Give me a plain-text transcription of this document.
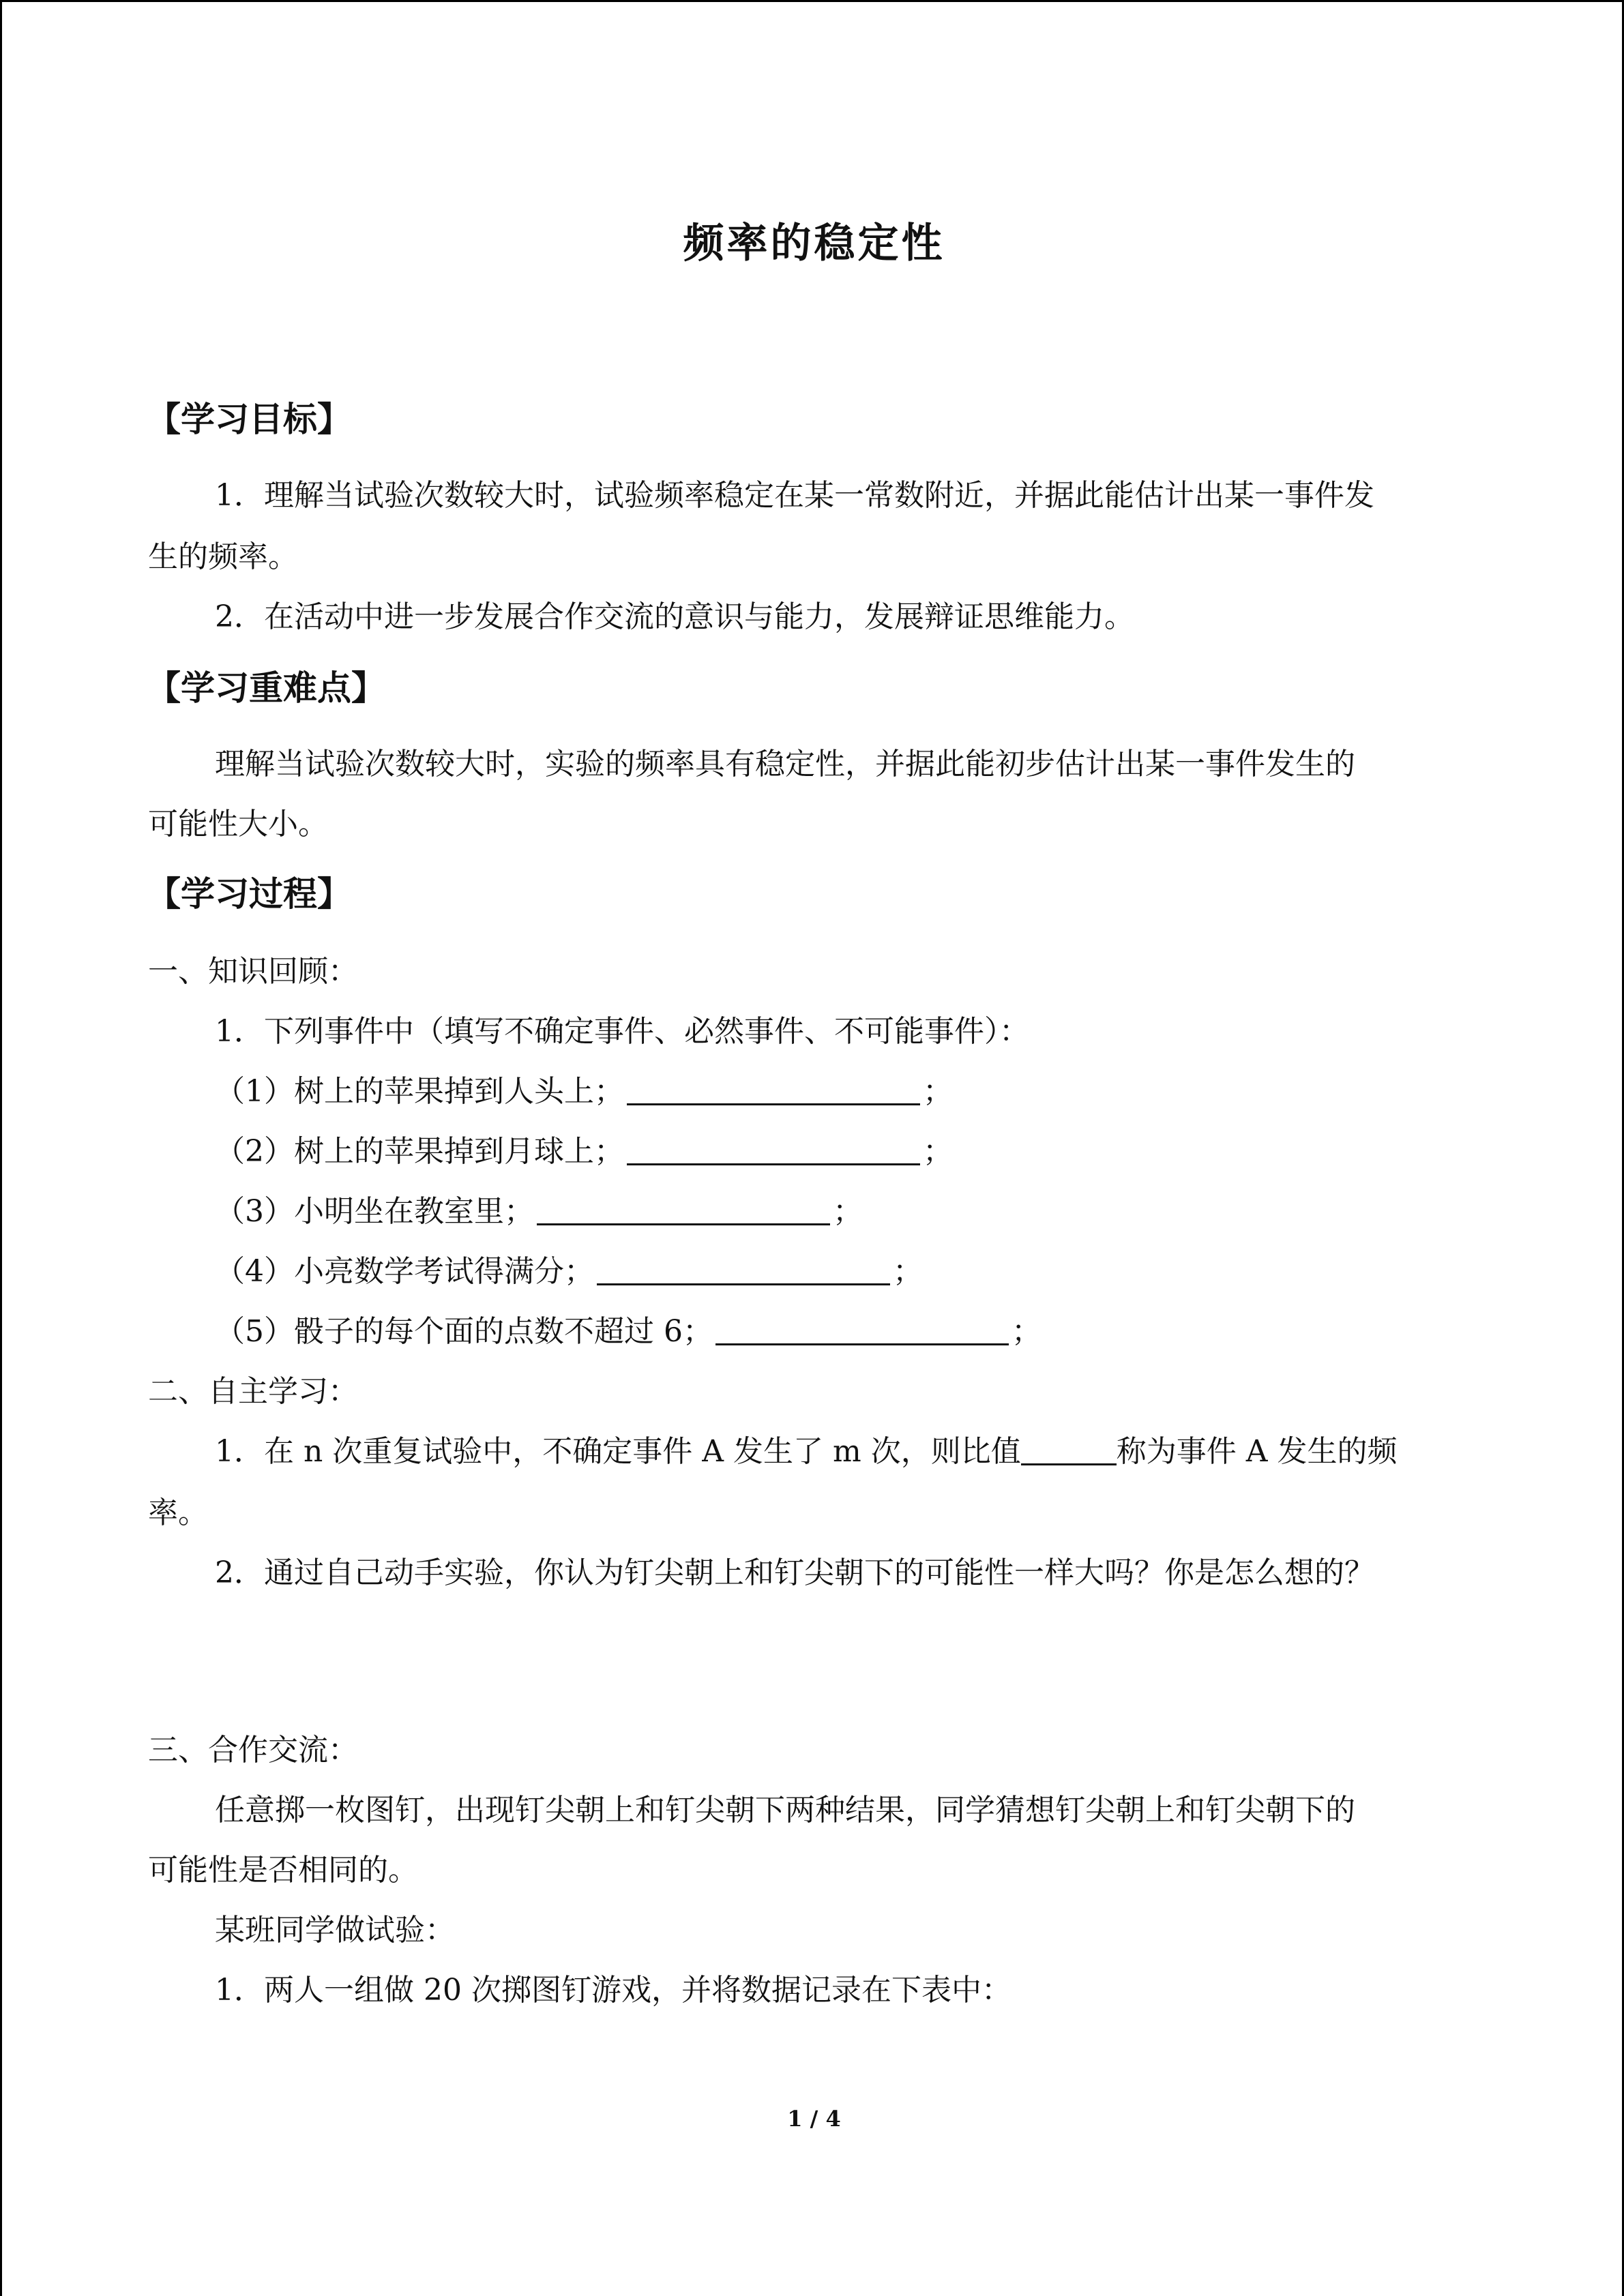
频率的稳定性
【学习目标】
1．理解当试验次数较大时，试验频率稳定在某一常数附近，并据此能估计出某一事件发
生的频率。
2．在活动中进一步发展合作交流的意识与能力，发展辩证思维能力。
【学习重难点】
理解当试验次数较大时，实验的频率具有稳定性，并据此能初步估计出某一事件发生的
可能性大小。
【学习过程】
一、知识回顾：
1．下列事件中（填写不确定事件、必然事件、不可能事件）：
（1）树上的苹果掉到人头上；	；
（2）树上的苹果掉到月球上；	；
（3）小明坐在教室里；	；
（4）小亮数学考试得满分；	；
（5）骰子的每个面的点数不超过 6；	；
二、自主学习：
1．在 n 次重复试验中，不确定事件 A 发生了 m 次，则比值	称为事件 A 发生的频
率。
2．通过自己动手实验，你认为钉尖朝上和钉尖朝下的可能性一样大吗？你是怎么想的？
三、合作交流：
任意掷一枚图钉，出现钉尖朝上和钉尖朝下两种结果，同学猜想钉尖朝上和钉尖朝下的
可能性是否相同的。
某班同学做试验：
1．两人一组做 20 次掷图钉游戏，并将数据记录在下表中：
1 / 4
